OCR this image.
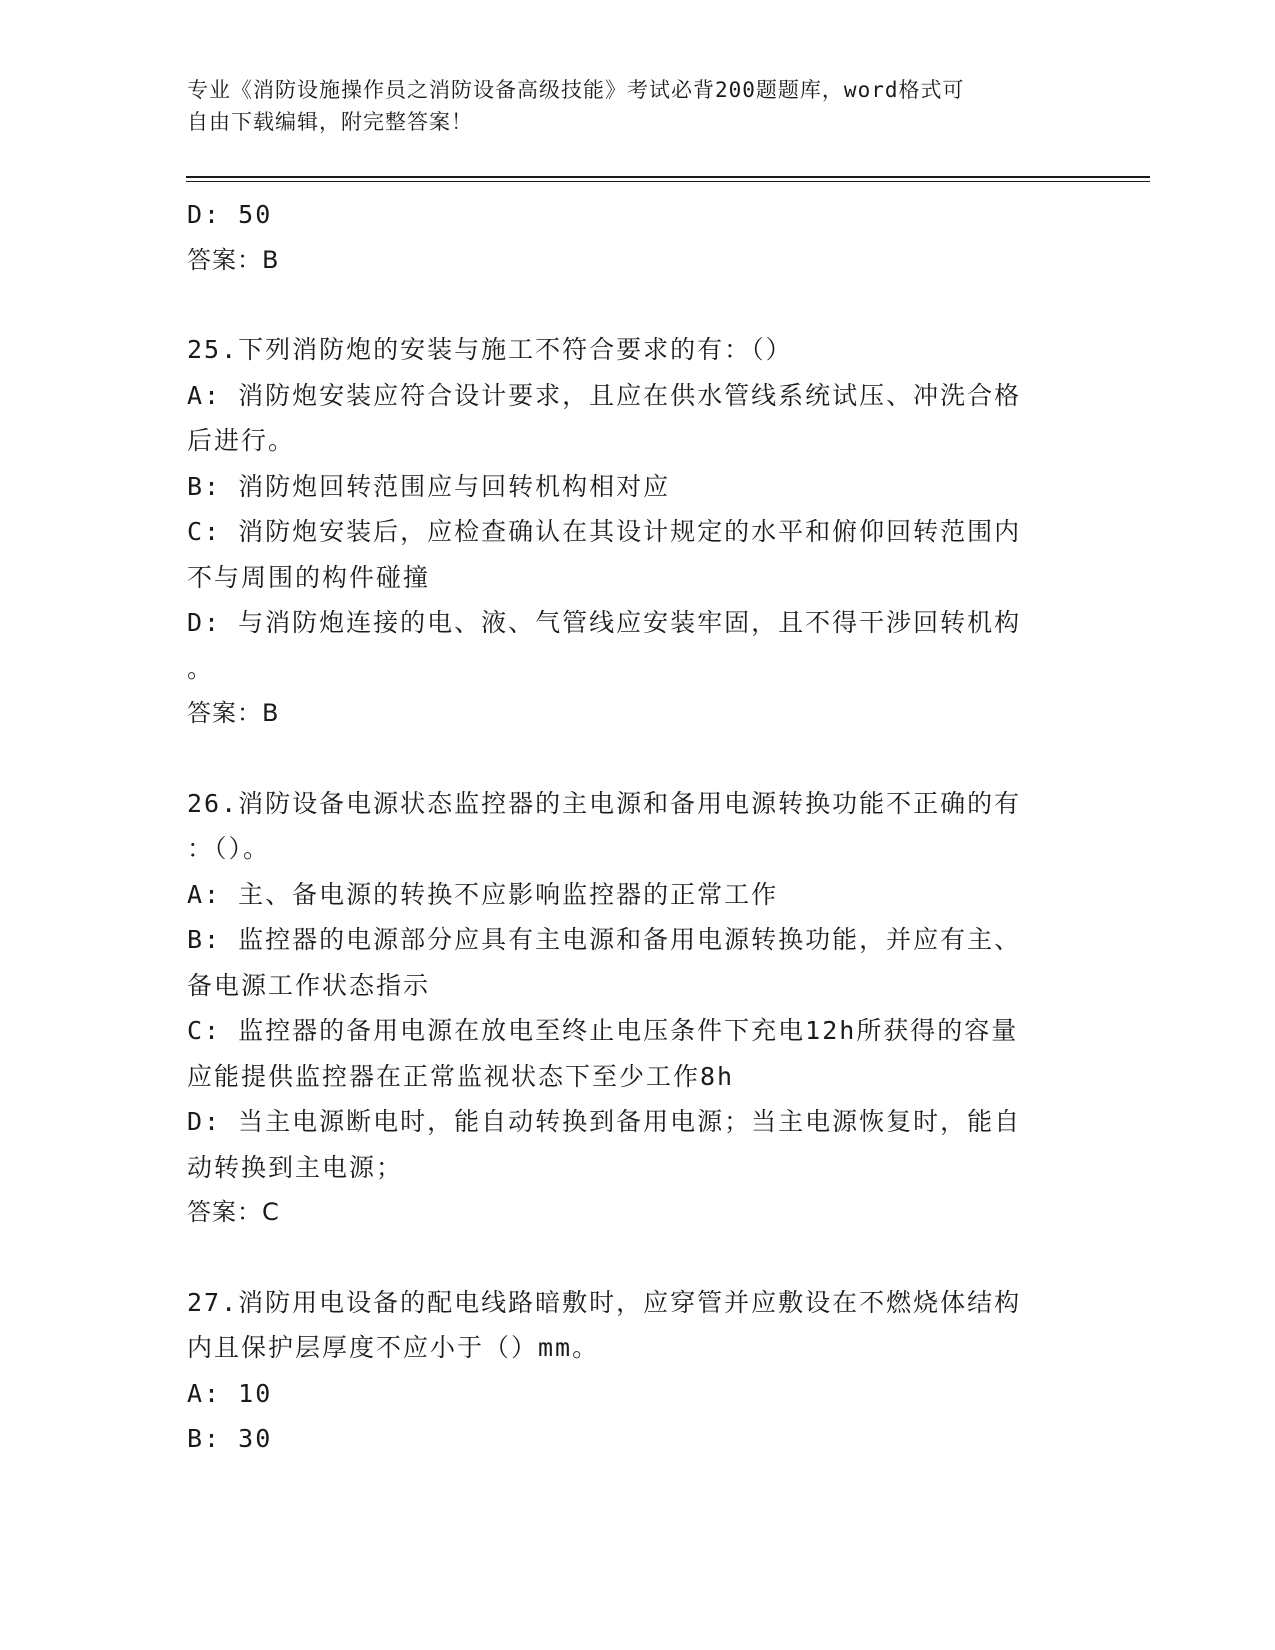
专业《消防设施操作员之消防设备高级技能》考试必背200题题库，word格式可
自由下载编辑，附完整答案！

D: 50

答案：B

25.下列消防炮的安装与施工不符合要求的有：（）

A: 消防炮安装应符合设计要求，且应在供水管线系统试压、冲洗合格

后进行。

B: 消防炮回转范围应与回转机构相对应

C: 消防炮安装后，应检查确认在其设计规定的水平和俯仰回转范围内

不与周围的构件碰撞

D: 与消防炮连接的电、液、气管线应安装牢固，且不得干涉回转机构

。

答案：B

26.消防设备电源状态监控器的主电源和备用电源转换功能不正确的有

：（）。

A: 主、备电源的转换不应影响监控器的正常工作

B: 监控器的电源部分应具有主电源和备用电源转换功能，并应有主、

备电源工作状态指示

C: 监控器的备用电源在放电至终止电压条件下充电12h所获得的容量

应能提供监控器在正常监视状态下至少工作8h

D: 当主电源断电时，能自动转换到备用电源；当主电源恢复时，能自

动转换到主电源；

答案：C

27.消防用电设备的配电线路暗敷时，应穿管并应敷设在不燃烧体结构

内且保护层厚度不应小于（）mm。

A: 10

B: 30
